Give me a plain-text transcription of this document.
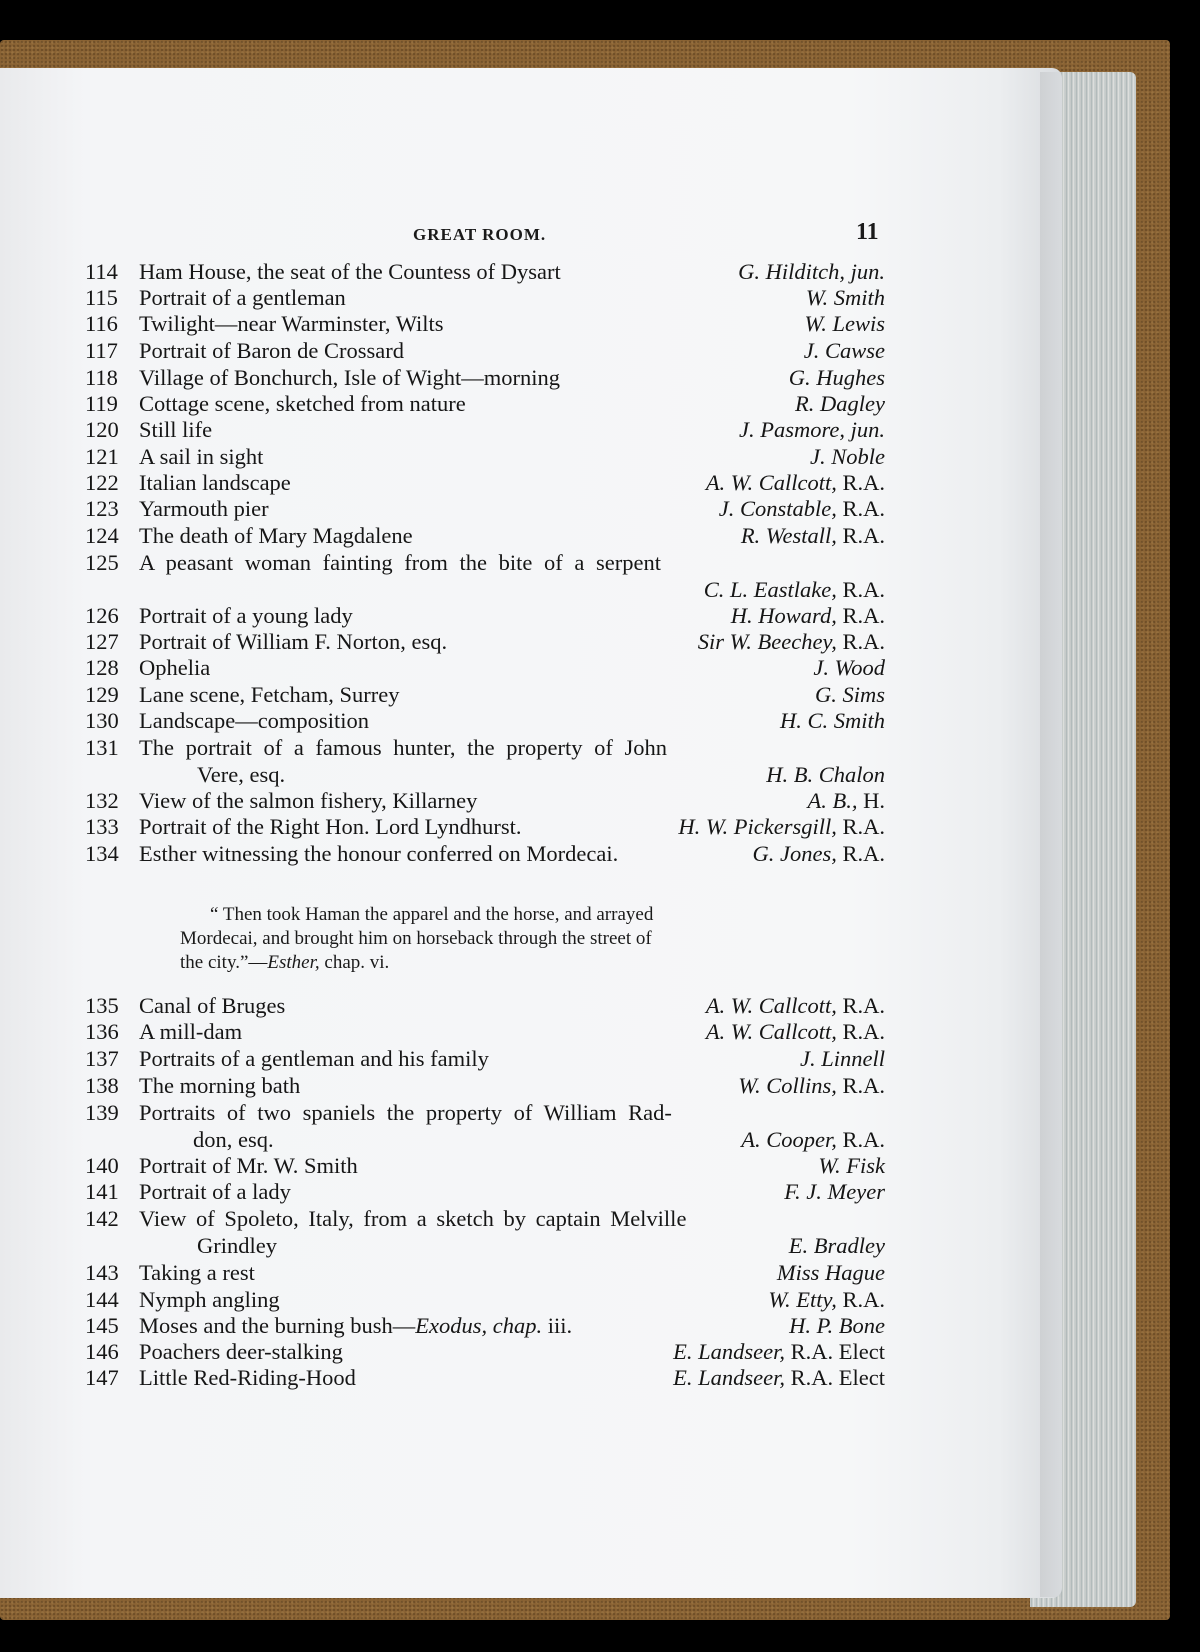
GREAT ROOM.	11
114 Ham House, the seat of the Countess of Dysart	G. Hilditch, jun.
115 Portrait of a gentleman	W. Smith
116 Twilight—near Warminster, Wilts	W. Lewis
117 Portrait of Baron de Crossard	J. Cawse
118 Village of Bonchurch, Isle of Wight—morning	G. Hughes
119 Cottage scene, sketched from nature	R. Dagley
120 Still life	J. Pasmore, jun.
121 A sail in sight	J. Noble
122 Italian landscape	A. W. Callcott, R.A.
123 Yarmouth pier	J. Constable, R.A.
124 The death of Mary Magdalene	R. Westall, R.A.
125 A peasant woman fainting from the bite of a serpent
C. L. Eastlake, R.A.
126 Portrait of a young lady	H. Howard, R.A.
127 Portrait of William F. Norton, esq.	Sir W. Beechey, R.A.
128 Ophelia	J. Wood
129 Lane scene, Fetcham, Surrey	G. Sims
130 Landscape—composition	H. C. Smith
131 The portrait of a famous hunter, the property of John
Vere, esq.	H. B. Chalon
132 View of the salmon fishery, Killarney	A. B., H.
133 Portrait of the Right Hon. Lord Lyndhurst.	H. W. Pickersgill, R.A.
134 Esther witnessing the honour conferred on Mordecai.	G. Jones, R.A.
“ Then took Haman the apparel and the horse, and arrayed
Mordecai, and brought him on horseback through the street of
the city.”—Esther, chap. vi.
135 Canal of Bruges	A. W. Callcott, R.A.
136 A mill-dam	A. W. Callcott, R.A.
137 Portraits of a gentleman and his family	J. Linnell
138 The morning bath	W. Collins, R.A.
139 Portraits of two spaniels the property of William Rad-
don, esq.	A. Cooper, R.A.
140 Portrait of Mr. W. Smith	W. Fisk
141 Portrait of a lady	F. J. Meyer
142 View of Spoleto, Italy, from a sketch by captain Melville
Grindley	E. Bradley
143 Taking a rest	Miss Hague
144 Nymph angling	W. Etty, R.A.
145 Moses and the burning bush—Exodus, chap. iii.	H. P. Bone
146 Poachers deer-stalking	E. Landseer, R.A. Elect
147 Little Red-Riding-Hood	E. Landseer, R.A. Elect
